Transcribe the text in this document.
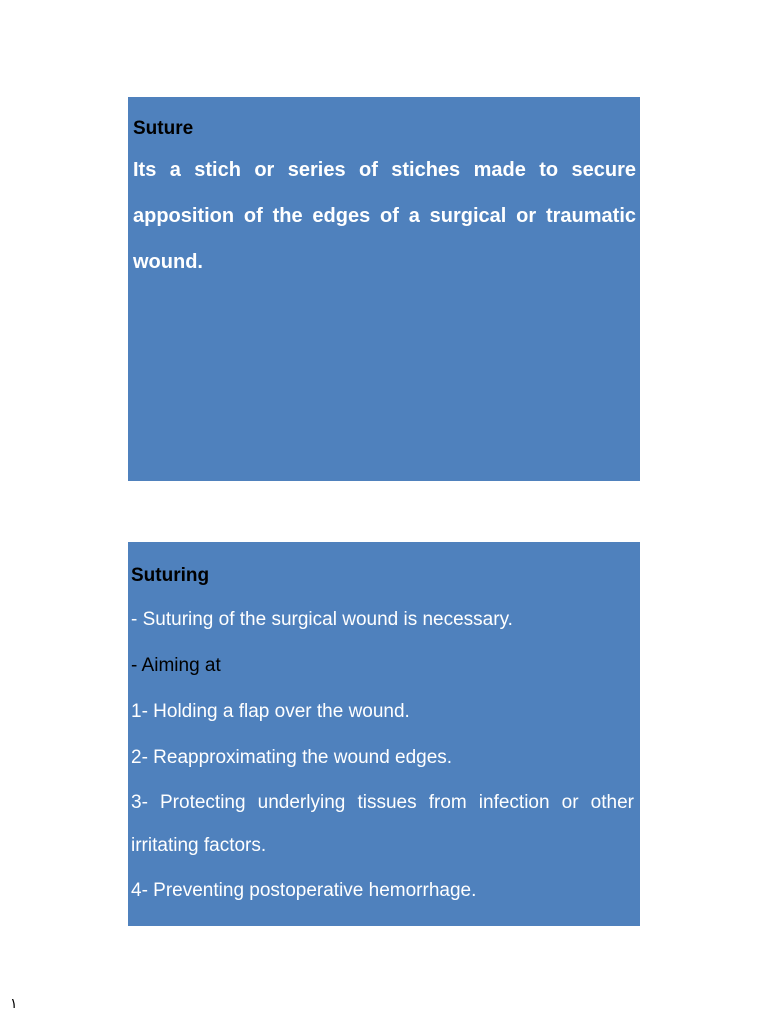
Suture

Its a stich or series of stiches made to secure apposition of the edges of a surgical or traumatic wound.

Suturing

- Suturing of the surgical wound is necessary.

- Aiming at

1- Holding a flap over the wound.

2- Reapproximating the wound edges.

3- Protecting underlying tissues from infection or other irritating factors.

4- Preventing postoperative hemorrhage.

١
